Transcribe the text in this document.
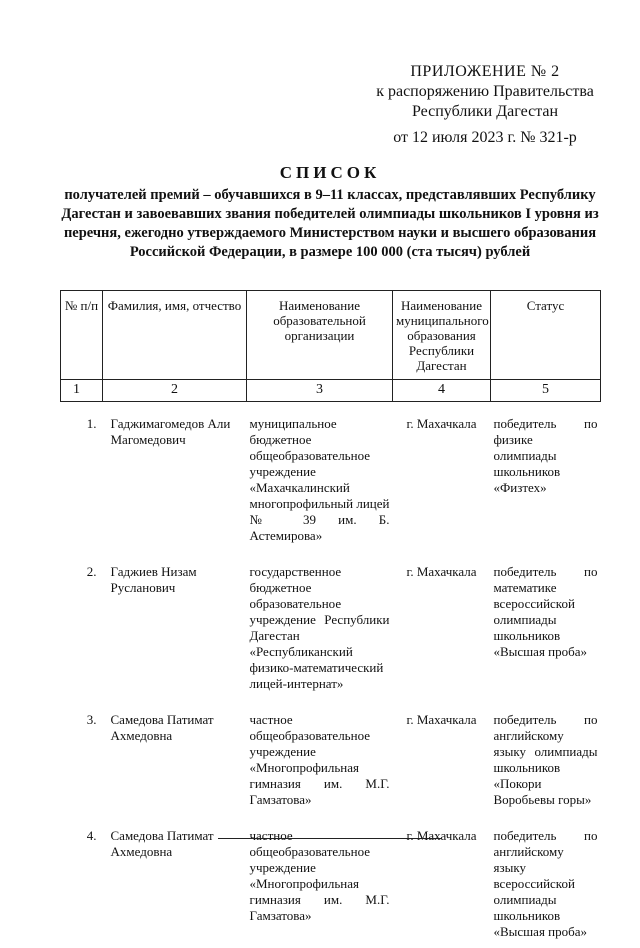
ПРИЛОЖЕНИЕ № 2
к распоряжению Правительства
Республики Дагестан
от 12 июля 2023 г. № 321-р
СПИСОК
получателей премий – обучавшихся в 9–11 классах, представлявших Республику Дагестан и завоевавших звания победителей олимпиады школьников I уровня из перечня, ежегодно утверждаемого Министерством науки и высшего образования Российской Федерации, в размере 100 000 (ста тысяч) рублей
№ п/п	Фамилия, имя, отчество	Наименование образовательной организации	Наименование муниципального образования Республики Дагестан	Статус
1	2	3	4	5
1.	Гаджимагомедов Али Магомедович	муниципальное бюджетное общеобразовательное учреждение «Махачкалинский многопрофильный лицей № 39 им. Б. Астемирова»	г. Махачкала	победитель по физике олимпиады школьников «Физтех»
2.	Гаджиев Низам Русланович	государственное бюджетное образовательное учреждение Республики Дагестан «Республиканский физико-математический лицей-интернат»	г. Махачкала	победитель по математике всероссийской олимпиады школьников «Высшая проба»
3.	Самедова Патимат Ахмедовна	частное общеобразовательное учреждение «Многопрофильная гимназия им. М.Г. Гамзатова»	г. Махачкала	победитель по английскому языку олимпиады школьников «Покори Воробьевы горы»
4.	Самедова Патимат Ахмедовна	частное общеобразовательное учреждение «Многопрофильная гимназия им. М.Г. Гамзатова»	г. Махачкала	победитель по английскому языку всероссийской олимпиады школьников «Высшая проба»
